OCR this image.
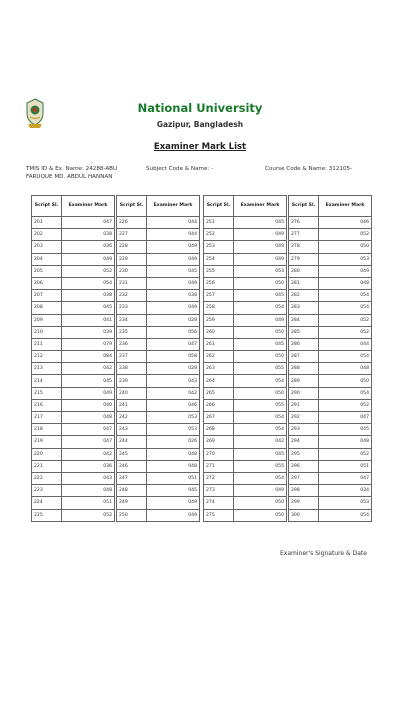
National University
Gazipur, Bangladesh
Examiner Mark List
TMIS ID & Ex. Name: 24288-ABU FARUQUE MD. ABDUL HANNAN
Subject Code & Name: -	Course Code & Name: 312105-
Script Sl.	Examiner Mark
201	047
202	038
203	036
204	049
205	052
206	054
207	038
208	045
209	041
210	039
211	079
212	084
213	042
214	045
215	049
216	040
217	048
218	047
219	047
220	042
221	036
222	043
223	048
224	051
225	052
Script Sl.	Examiner Mark
226	044
227	044
228	049
229	049
230	045
231	049
232	038
233	049
234	028
235	056
236	047
237	058
238	028
239	043
240	042
241	046
242	053
243	053
244	026
245	048
246	048
247	051
248	045
249	049
250	049
Script Sl.	Examiner Mark
251	045
252	049
253	049
254	049
255	053
256	050
257	045
258	054
259	049
260	050
261	045
262	050
263	055
264	054
265	050
266	055
267	054
268	054
269	042
270	045
271	055
272	054
273	049
274	050
275	050
Script Sl.	Examiner Mark
276	046
277	052
278	050
279	053
280	049
281	048
282	054
283	054
284	052
285	052
286	044
287	054
288	048
289	050
290	054
291	052
292	047
293	045
294	048
295	052
296	051
297	047
298	034
299	053
300	054
Examiner's Signature & Date
